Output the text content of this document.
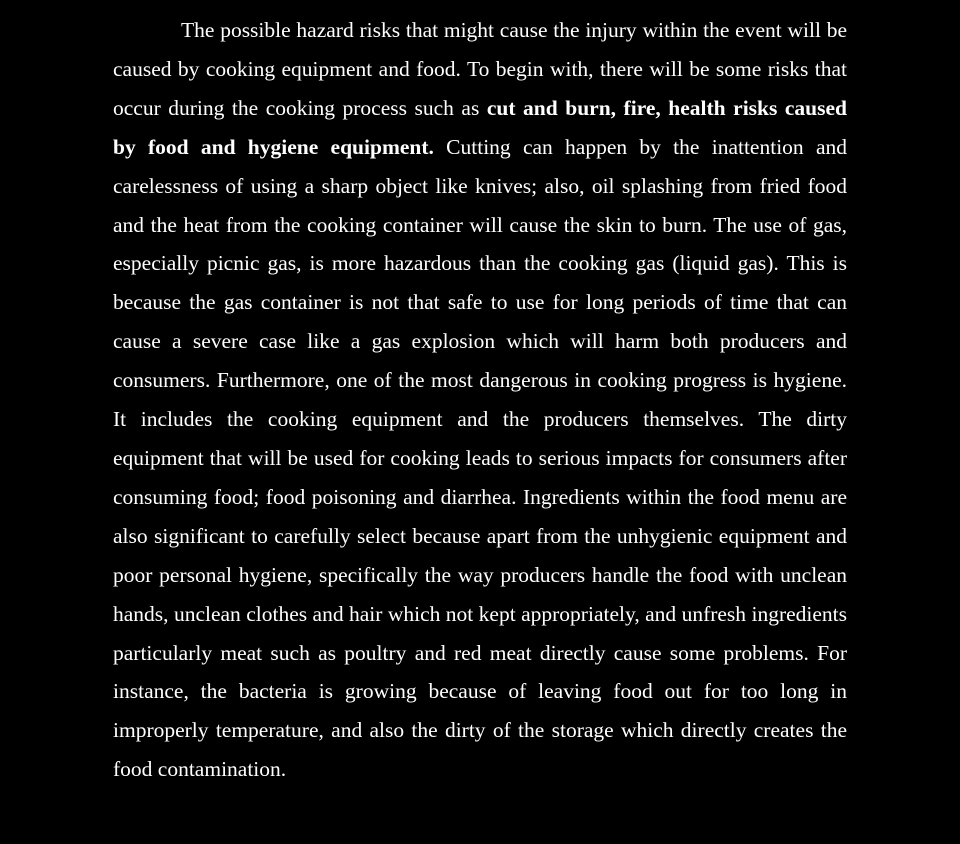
The possible hazard risks that might cause the injury within the event will be caused by cooking equipment and food. To begin with, there will be some risks that occur during the cooking process such as cut and burn, fire, health risks caused by food and hygiene equipment. Cutting can happen by the inattention and carelessness of using a sharp object like knives; also, oil splashing from fried food and the heat from the cooking container will cause the skin to burn. The use of gas, especially picnic gas, is more hazardous than the cooking gas (liquid gas). This is because the gas container is not that safe to use for long periods of time that can cause a severe case like a gas explosion which will harm both producers and consumers. Furthermore, one of the most dangerous in cooking progress is hygiene. It includes the cooking equipment and the producers themselves. The dirty equipment that will be used for cooking leads to serious impacts for consumers after consuming food; food poisoning and diarrhea. Ingredients within the food menu are also significant to carefully select because apart from the unhygienic equipment and poor personal hygiene, specifically the way producers handle the food with unclean hands, unclean clothes and hair which not kept appropriately, and unfresh ingredients particularly meat such as poultry and red meat directly cause some problems. For instance, the bacteria is growing because of leaving food out for too long in improperly temperature, and also the dirty of the storage which directly creates the food contamination.
